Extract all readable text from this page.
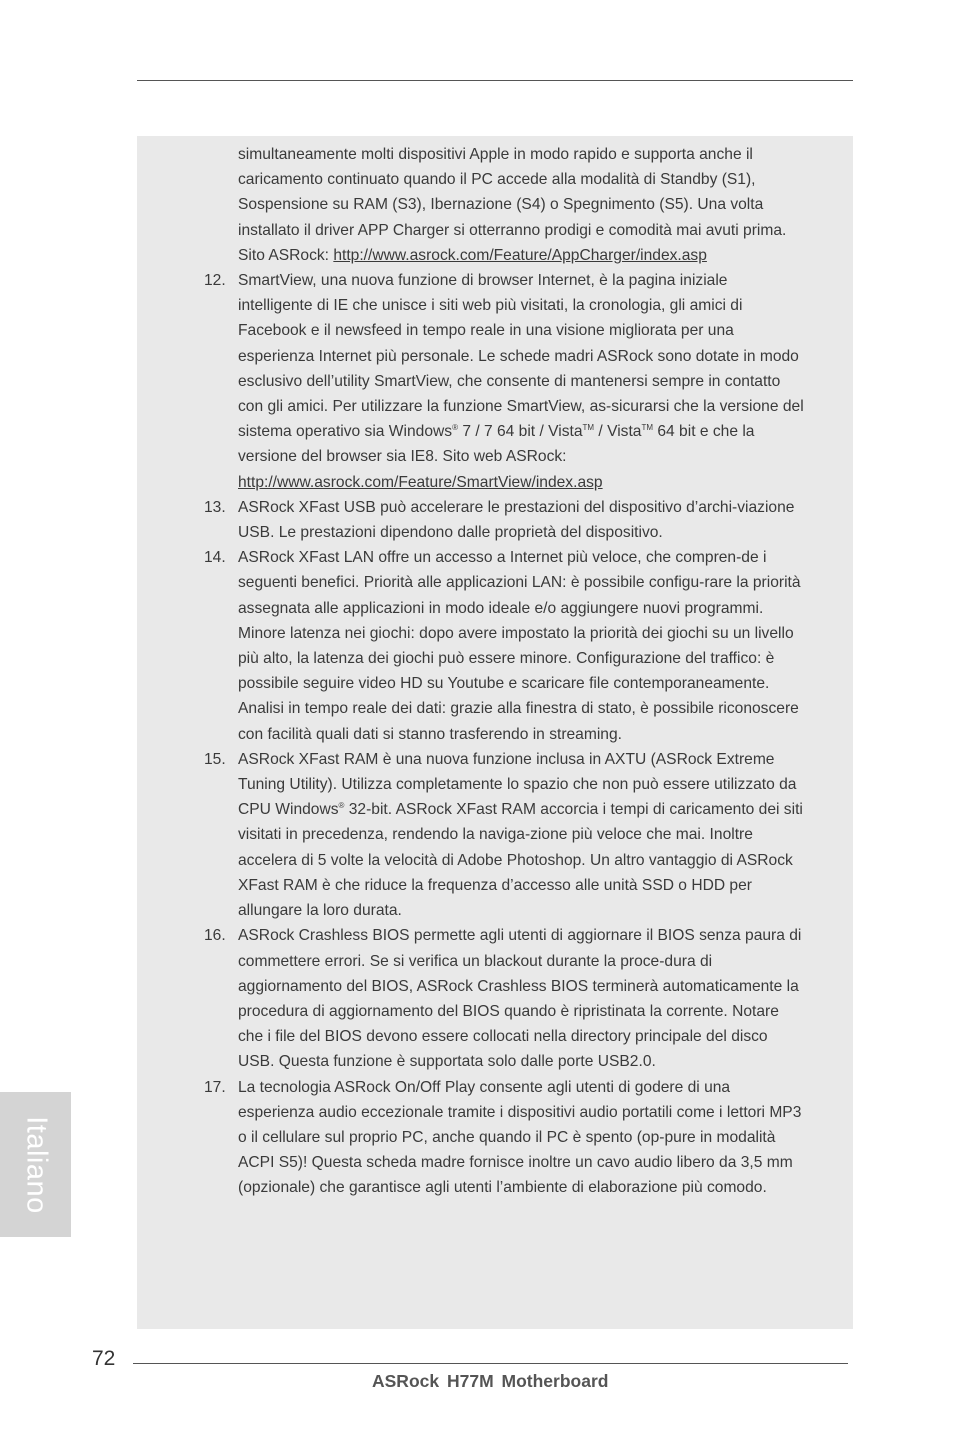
simultaneamente molti dispositivi Apple in modo rapido e supporta anche il caricamento continuato quando il PC accede alla modalità di Standby (S1), Sospensione su RAM (S3), Ibernazione (S4) o Spegnimento (S5). Una volta installato il driver APP Charger si otterranno prodigi e comodità mai avuti prima.
Sito ASRock: http://www.asrock.com/Feature/AppCharger/index.asp
12. SmartView, una nuova funzione di browser Internet, è la pagina iniziale intelligente di IE che unisce i siti web più visitati, la cronologia, gli amici di Facebook e il newsfeed in tempo reale in una visione migliorata per una esperienza Internet più personale. Le schede madri ASRock sono dotate in modo esclusivo dell’utility SmartView, che consente di mantenersi sempre in contatto con gli amici. Per utilizzare la funzione SmartView, as-sicurarsi che la versione del sistema operativo sia Windows® 7 / 7 64 bit / Vista™ / Vista™ 64 bit e che la versione del browser sia IE8. Sito web ASRock: http://www.asrock.com/Feature/SmartView/index.asp
13. ASRock XFast USB può accelerare le prestazioni del dispositivo d’archi-viazione USB. Le prestazioni dipendono dalle proprietà del dispositivo.
14. ASRock XFast LAN offre un accesso a Internet più veloce, che compren-de i seguenti benefici. Priorità alle applicazioni LAN: è possibile configu-rare la priorità assegnata alle applicazioni in modo ideale e/o aggiungere nuovi programmi. Minore latenza nei giochi: dopo avere impostato la priorità dei giochi su un livello più alto, la latenza dei giochi può essere minore. Configurazione del traffico: è possibile seguire video HD su Youtube e scaricare file contemporaneamente. Analisi in tempo reale dei dati: grazie alla finestra di stato, è possibile riconoscere con facilità quali dati si stanno trasferendo in streaming.
15. ASRock XFast RAM è una nuova funzione inclusa in AXTU (ASRock Extreme Tuning Utility). Utilizza completamente lo spazio che non può essere utilizzato da CPU Windows® 32-bit. ASRock XFast RAM accorcia i tempi di caricamento dei siti visitati in precedenza, rendendo la naviga-zione più veloce che mai. Inoltre accelera di 5 volte la velocità di Adobe Photoshop. Un altro vantaggio di ASRock XFast RAM è che riduce la frequenza d’accesso alle unità SSD o HDD per allungare la loro durata.
16. ASRock Crashless BIOS permette agli utenti di aggiornare il BIOS senza paura di commettere errori. Se si verifica un blackout durante la proce-dura di aggiornamento del BIOS, ASRock Crashless BIOS terminerà automaticamente la procedura di aggiornamento del BIOS quando è ripristinata la corrente. Notare che i file del BIOS devono essere collocati nella directory principale del disco USB. Questa funzione è supportata solo dalle porte USB2.0.
17. La tecnologia ASRock On/Off Play consente agli utenti di godere di una esperienza audio eccezionale tramite i dispositivi audio portatili come i lettori MP3 o il cellulare sul proprio PC, anche quando il PC è spento (op-pure in modalità ACPI S5)! Questa scheda madre fornisce inoltre un cavo audio libero da 3,5 mm (opzionale) che garantisce agli utenti l’ambiente di elaborazione più comodo.
Italiano
72
ASRock H77M Motherboard
